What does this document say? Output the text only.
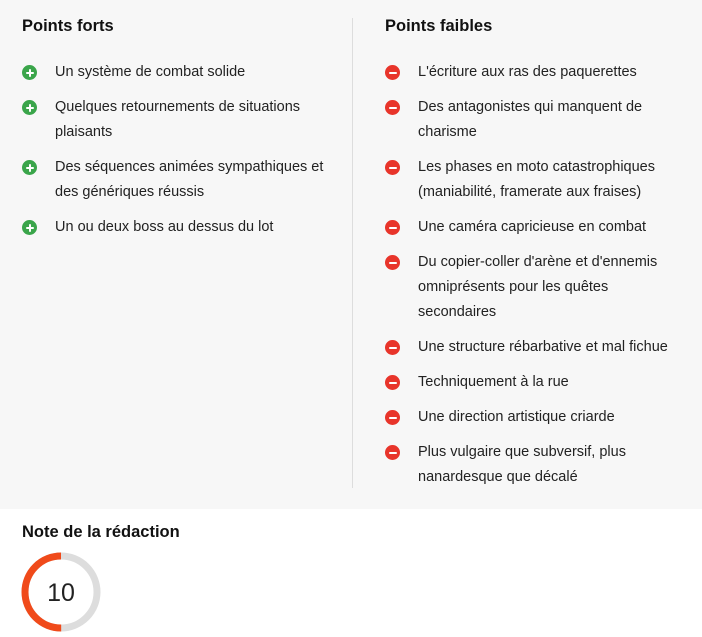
Points forts
Un système de combat solide
Quelques retournements de situations plaisants
Des séquences animées sympathiques et des génériques réussis
Un ou deux boss au dessus du lot
Points faibles
L'écriture aux ras des paquerettes
Des antagonistes qui manquent de charisme
Les phases en moto catastrophiques (maniabilité, framerate aux fraises)
Une caméra capricieuse en combat
Du copier-coller d'arène et d'ennemis omniprésents pour les quêtes secondaires
Une structure rébarbative et mal fichue
Techniquement à la rue
Une direction artistique criarde
Plus vulgaire que subversif, plus nanardesque que décalé
Note de la rédaction
10
